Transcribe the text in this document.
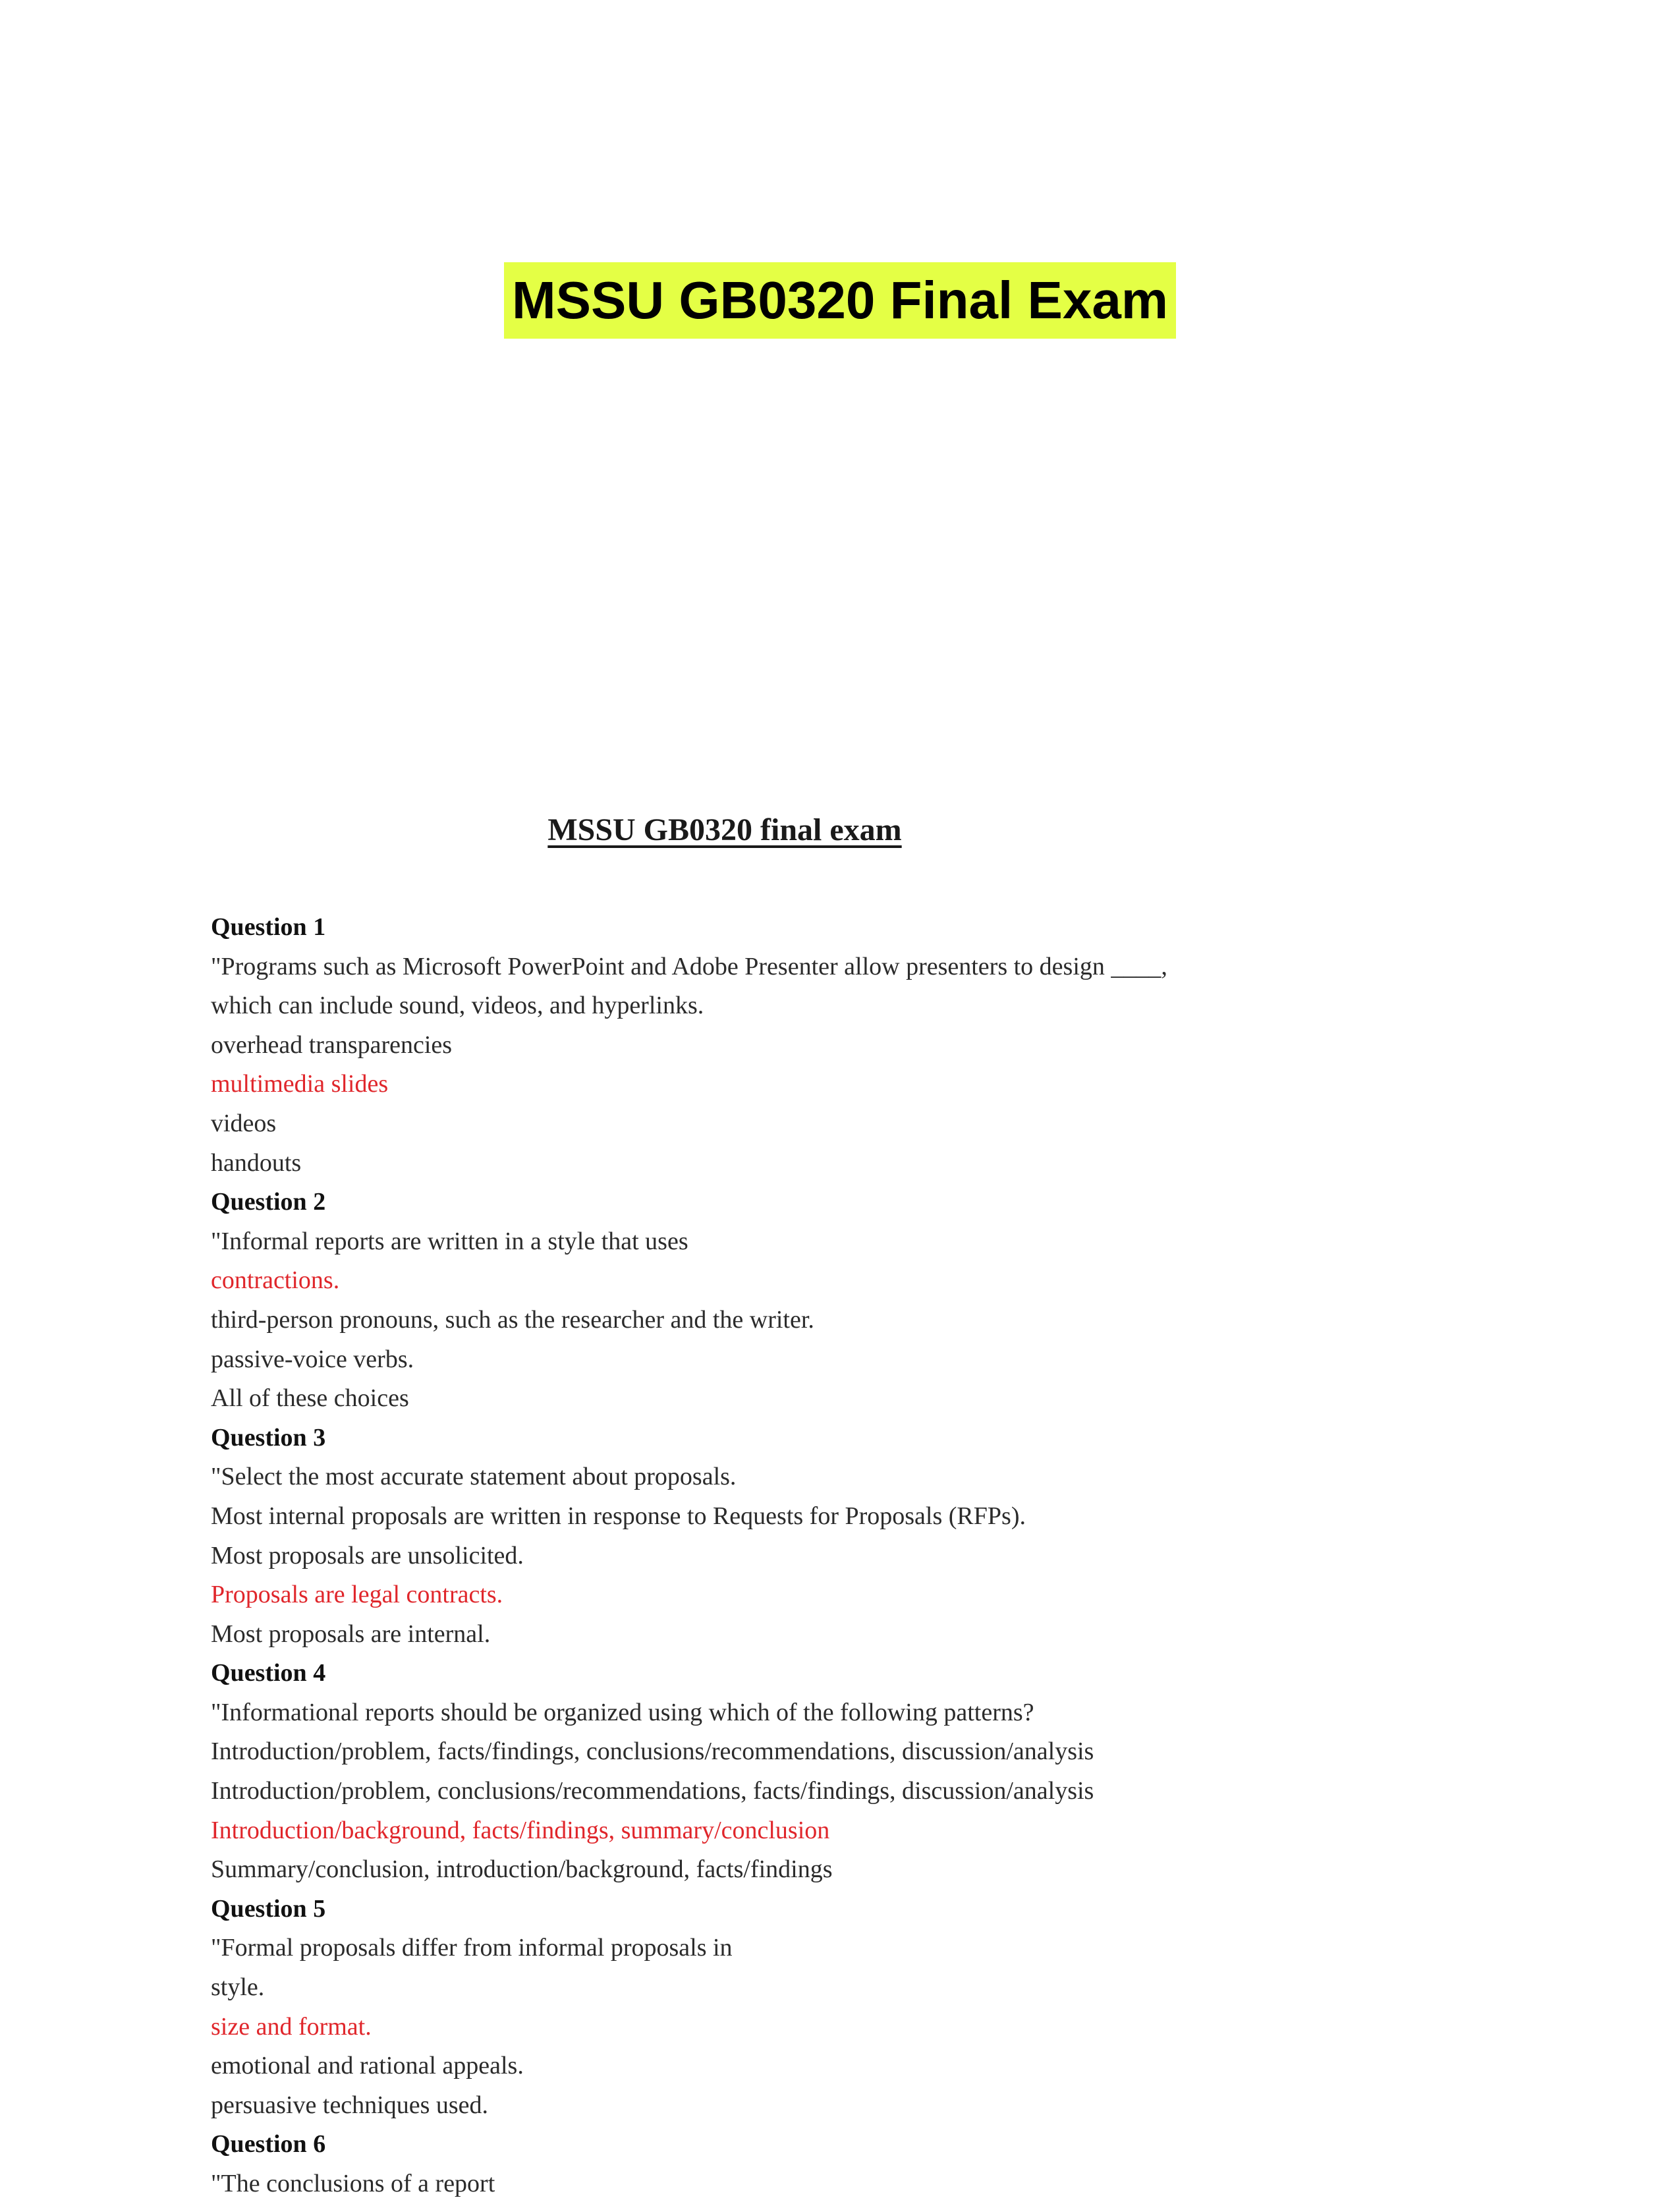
MSSU GB0320 Final Exam
MSSU GB0320 final exam
Question 1
"Programs such as Microsoft PowerPoint and Adobe Presenter allow presenters to design ____,
which can include sound, videos, and hyperlinks.
overhead transparencies
multimedia slides
videos
handouts
Question 2
"Informal reports are written in a style that uses
contractions.
third-person pronouns, such as the researcher and the writer.
passive-voice verbs.
All of these choices
Question 3
"Select the most accurate statement about proposals.
Most internal proposals are written in response to Requests for Proposals (RFPs).
Most proposals are unsolicited.
Proposals are legal contracts.
Most proposals are internal.
Question 4
"Informational reports should be organized using which of the following patterns?
Introduction/problem, facts/findings, conclusions/recommendations, discussion/analysis
Introduction/problem, conclusions/recommendations, facts/findings, discussion/analysis
Introduction/background, facts/findings, summary/conclusion
Summary/conclusion, introduction/background, facts/findings
Question 5
"Formal proposals differ from informal proposals in
style.
size and format.
emotional and rational appeals.
persuasive techniques used.
Question 6
"The conclusions of a report
